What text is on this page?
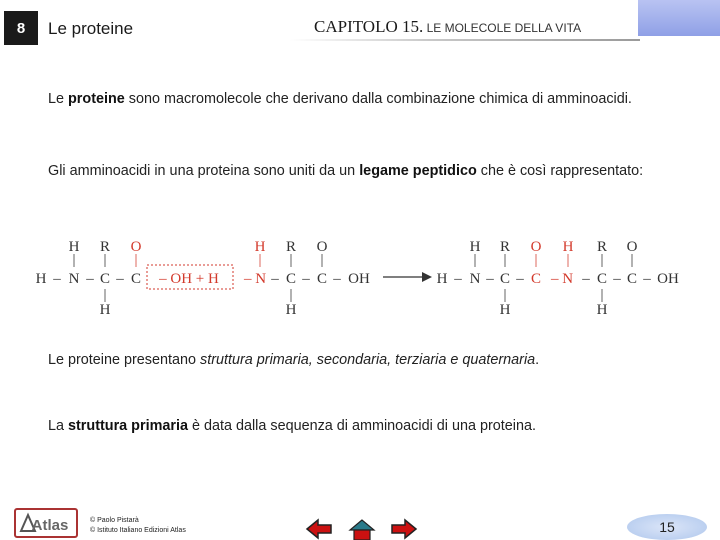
8	Le proteine	CAPITOLO 15. LE MOLECOLE DELLA VITA
Le proteine sono macromolecole che derivano dalla combinazione chimica di amminoacidi.
Gli amminoacidi in una proteina sono uniti da un legame peptidico che è così rappresentato:
H R O	H R O
| | |	| | |
H – N – C – C – OH + H – N – C – C – OH
|	|
H	H
H R O H R O
| | | | | |
H – N – C – C – N – C – C – OH
|	|
H	H
Le proteine presentano struttura primaria, secondaria, terziaria e quaternaria.
La struttura primaria è data dalla sequenza di amminoacidi di una proteina.
Atlas	© Paolo Pistarà
© Istituto Italiano Edizioni Atlas	15
